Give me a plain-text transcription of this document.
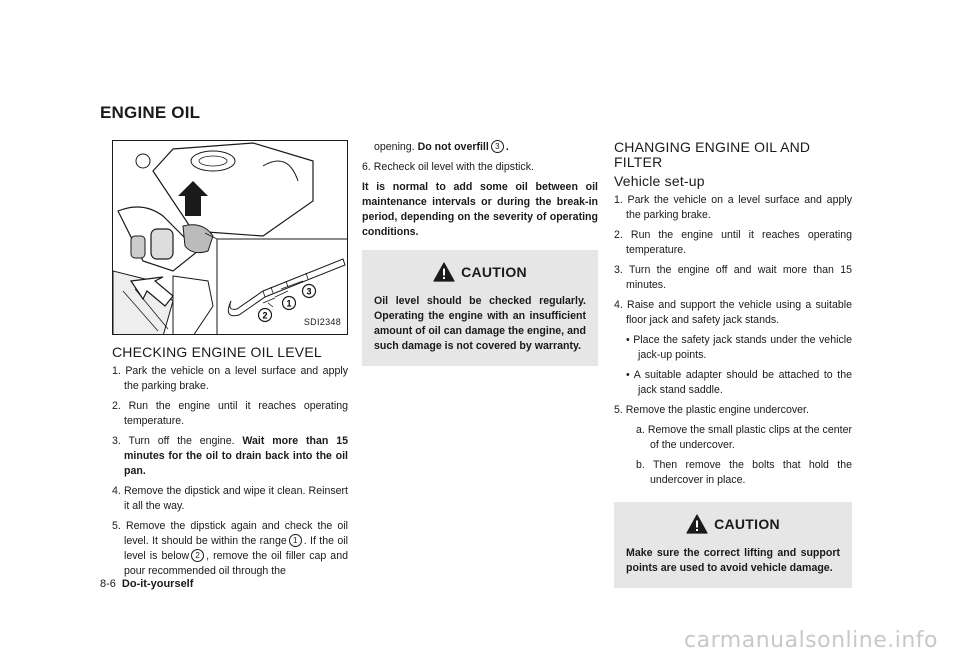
ENGINE OIL
2
1
3
SDI2348
CHECKING ENGINE OIL LEVEL
1. Park the vehicle on a level surface and apply the parking brake.
2. Run the engine until it reaches operating temperature.
3. Turn off the engine. Wait more than 15 minutes for the oil to drain back into the oil pan.
4. Remove the dipstick and wipe it clean. Reinsert it all the way.
5. Remove the dipstick again and check the oil level. It should be within the range 1 . If the oil level is below 2 , remove the oil filler cap and pour recommended oil through the
opening. Do not overfill 3 .
6. Recheck oil level with the dipstick.
It is normal to add some oil between oil maintenance intervals or during the break-in period, depending on the severity of operating conditions.
CAUTION
Oil level should be checked regularly. Operating the engine with an insufficient amount of oil can damage the engine, and such damage is not covered by warranty.
CHANGING ENGINE OIL AND FILTER
Vehicle set-up
1. Park the vehicle on a level surface and apply the parking brake.
2. Run the engine until it reaches operating temperature.
3. Turn the engine off and wait more than 15 minutes.
4. Raise and support the vehicle using a suitable floor jack and safety jack stands.
• Place the safety jack stands under the vehicle jack-up points.
• A suitable adapter should be attached to the jack stand saddle.
5. Remove the plastic engine undercover.
a. Remove the small plastic clips at the center of the undercover.
b. Then remove the bolts that hold the undercover in place.
CAUTION
Make sure the correct lifting and support points are used to avoid vehicle damage.
8-6 Do-it-yourself
carmanualsonline.info
